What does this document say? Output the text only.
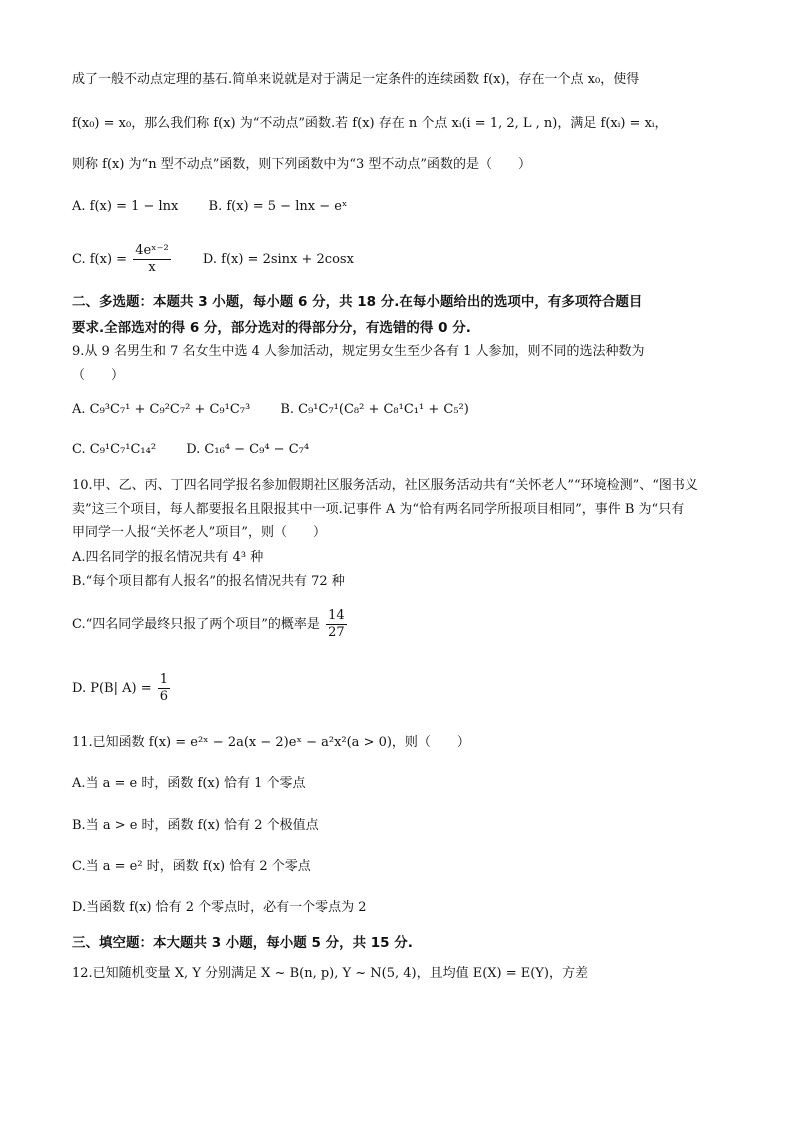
成了一般不动点定理的基石.简单来说就是对于满足一定条件的连续函数 f(x)，存在一个点 x₀，使得
f(x₀) = x₀，那么我们称 f(x) 为“不动点”函数.若 f(x) 存在 n 个点 xᵢ(i = 1, 2, L , n)，满足 f(xᵢ) = xᵢ，
则称 f(x) 为“n 型不动点”函数，则下列函数中为“3 型不动点”函数的是（　　）
A. f(x) = 1 − lnx　　 B. f(x) = 5 − lnx − eˣ
C. $f(x) = \frac{\text{4eˣ⁻²}}{x}$ 　　D. f(x) = 2sinx + 2cosx
二、多选题：本题共 3 小题，每小题 6 分，共 18 分.在每小题给出的选项中，有多项符合题目
要求.全部选对的得 6 分，部分选对的得部分分，有选错的得 0 分.
9.从 9 名男生和 7 名女生中选 4 人参加活动，规定男女生至少各有 1 人参加，则不同的选法种数为
（　　）
A. C₉³C₇¹ + C₉²C₇² + C₉¹C₇³　　 B. C₉¹C₇¹(C₈² + C₈¹C₁¹ + C₅²)
C. C₉¹C₇¹C₁₄²　　 D. C₁₆⁴ − C₉⁴ − C₇⁴
10.甲、乙、丙、丁四名同学报名参加假期社区服务活动，社区服务活动共有“关怀老人”“环境检测”、“图书义
卖”这三个项目，每人都要报名且限报其中一项.记事件 A 为“恰有两名同学所报项目相同”，事件 B 为“只有
甲同学一人报“关怀老人”项目”，则（　　）
A.四名同学的报名情况共有 4³ 种
B.“每个项目都有人报名”的报名情况共有 72 种
C.“四名同学最终只报了两个项目”的概率是 $\frac{14}{27}$
D. P(B| $A) = \frac{1}{6}$
11.已知函数 f(x) = e²ˣ − 2a(x − 2)eˣ − a²x²(a > 0)，则（　　）
A.当 a = e 时，函数 f(x) 恰有 1 个零点
B.当 a > e 时，函数 f(x) 恰有 2 个极值点
C.当 a = e² 时，函数 f(x) 恰有 2 个零点
D.当函数 f(x) 恰有 2 个零点时，必有一个零点为 2
三、填空题：本大题共 3 小题，每小题 5 分，共 15 分.
12.已知随机变量 X, Y 分别满足 X ~ B(n, p), Y ~ N(5, 4)，且均值 E(X) = E(Y)，方差
